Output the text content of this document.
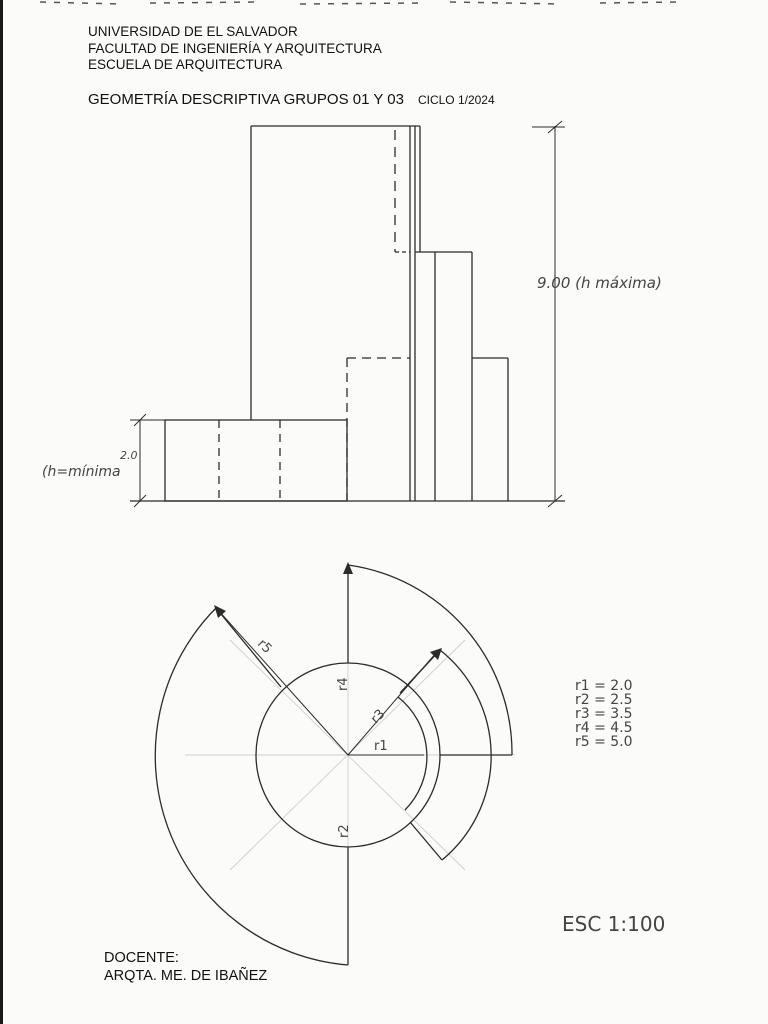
UNIVERSIDAD DE EL SALVADOR
FACULTAD DE INGENIERÍA Y ARQUITECTURA
ESCUELA DE ARQUITECTURA
GEOMETRÍA DESCRIPTIVA GRUPOS 01 Y 03 CICLO 1/2024
9.00 (h máxima)
2.0
(h=mínima
r5
r4
r3
r1
r2
r1 = 2.0
r2 = 2.5
r3 = 3.5
r4 = 4.5
r5 = 5.0
ESC 1:100
DOCENTE:
ARQTA. ME. DE IBAÑEZ
